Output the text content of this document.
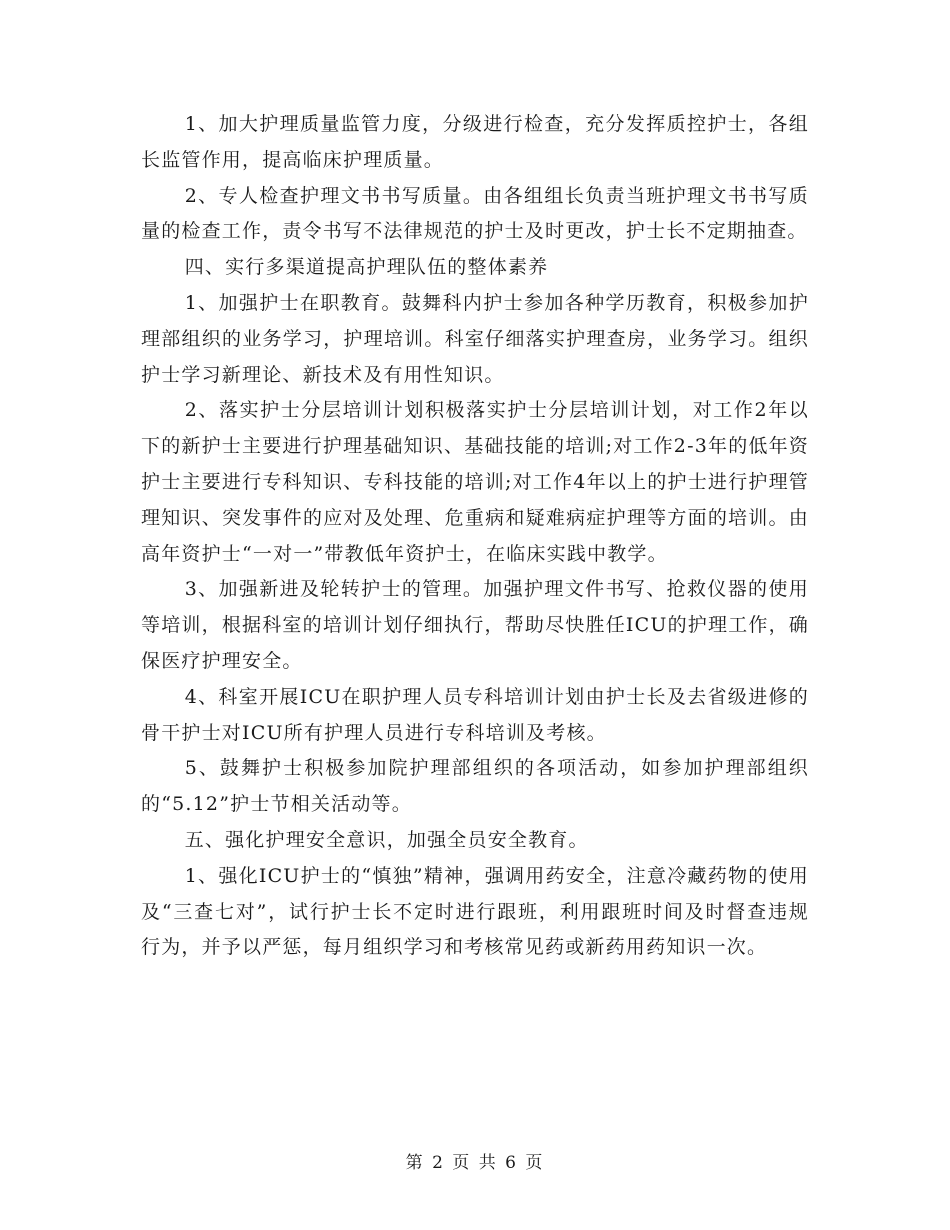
1、加大护理质量监管力度，分级进行检查，充分发挥质控护士，各组长监管作用，提高临床护理质量。

2、专人检查护理文书书写质量。由各组组长负责当班护理文书书写质量的检查工作，责令书写不法律规范的护士及时更改，护士长不定期抽查。

四、实行多渠道提高护理队伍的整体素养

1、加强护士在职教育。鼓舞科内护士参加各种学历教育，积极参加护理部组织的业务学习，护理培训。科室仔细落实护理查房，业务学习。组织护士学习新理论、新技术及有用性知识。

2、落实护士分层培训计划积极落实护士分层培训计划，对工作2年以下的新护士主要进行护理基础知识、基础技能的培训;对工作2-3年的低年资护士主要进行专科知识、专科技能的培训;对工作4年以上的护士进行护理管理知识、突发事件的应对及处理、危重病和疑难病症护理等方面的培训。由高年资护士“一对一”带教低年资护士，在临床实践中教学。

3、加强新进及轮转护士的管理。加强护理文件书写、抢救仪器的使用等培训，根据科室的培训计划仔细执行，帮助尽快胜任ICU的护理工作，确保医疗护理安全。

4、科室开展ICU在职护理人员专科培训计划由护士长及去省级进修的骨干护士对ICU所有护理人员进行专科培训及考核。

5、鼓舞护士积极参加院护理部组织的各项活动，如参加护理部组织的“5.12”护士节相关活动等。

五、强化护理安全意识，加强全员安全教育。

1、强化ICU护士的“慎独”精神，强调用药安全，注意冷藏药物的使用及“三查七对”，试行护士长不定时进行跟班，利用跟班时间及时督查违规行为，并予以严惩，每月组织学习和考核常见药或新药用药知识一次。

第 2 页 共 6 页
